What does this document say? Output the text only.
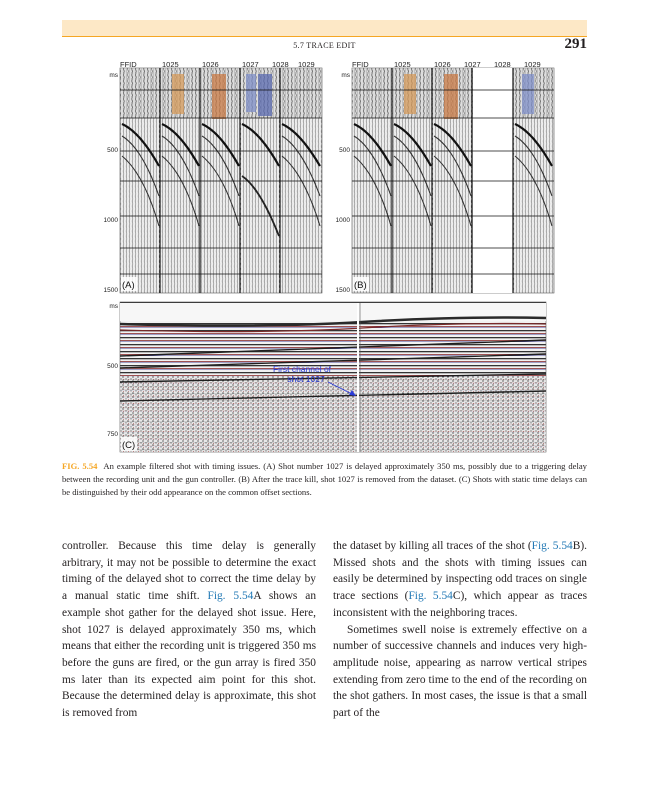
5.7 TRACE EDIT	291
FFID	1025	1026	1027 1028 1029
ms
500
1000
1500 (A)
FFID	1025	1026 1027 1028 1029
ms
500
1000
1500 (B)
First channel of
shot 1027
ms
500
750
(C)
FIG. 5.54 An example filtered shot with timing issues. (A) Shot number 1027 is delayed approximately 350 ms, possibly due to a triggering delay between the recording unit and the gun controller. (B) After the trace kill, shot 1027 is removed from the dataset. (C) Shots with static time delays can be distinguished by their odd appearance on the common offset sections.

controller. Because this time delay is generally arbitrary, it may not be possible to determine the exact timing of the delayed shot to correct the time delay by a manual static time shift. Fig. 5.54A shows an example shot gather for the delayed shot issue. Here, shot 1027 is delayed approximately 350 ms, which means that either the recording unit is triggered 350 ms before the guns are fired, or the gun array is fired 350 ms later than its expected aim point for this shot. Because the determined delay is approximate, this shot is removed from

the dataset by killing all traces of the shot (Fig. 5.54B). Missed shots and the shots with timing issues can easily be determined by inspecting odd traces on single trace sections (Fig. 5.54C), which appear as traces inconsistent with the neighboring traces.

Sometimes swell noise is extremely effective on a number of successive channels and induces very high-amplitude noise, appearing as narrow vertical stripes extending from zero time to the end of the recording on the shot gathers. In most cases, the issue is that a small part of the
